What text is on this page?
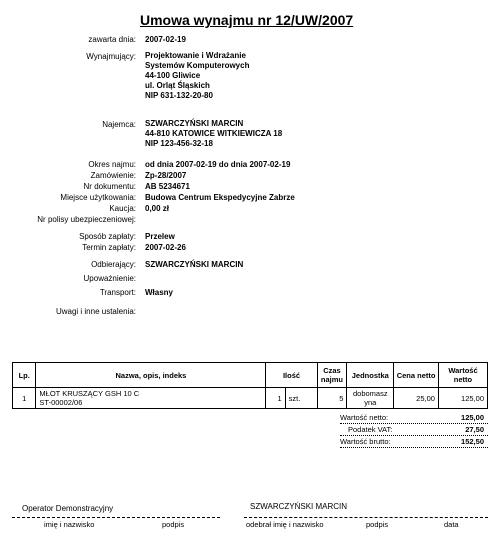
Umowa wynajmu nr 12/UW/2007
zawarta dnia: 2007-02-19
Wynajmujący: Projektowanie i Wdrażanie
Systemów Komputerowych
44-100 Gliwice
ul. Orląt Śląskich
NIP 631-132-20-80
Najemca: SZWARCZYŃSKI MARCIN
44-810 KATOWICE WITKIEWICZA 18
NIP 123-456-32-18
Okres najmu: od dnia 2007-02-19 do dnia 2007-02-19
Zamówienie: Zp-28/2007
Nr dokumentu: AB 5234671
Miejsce użytkowania: Budowa Centrum Ekspedycyjne Zabrze
Kaucja: 0,00 zł
Nr polisy ubezpieczeniowej:
Sposób zapłaty: Przelew
Termin zapłaty: 2007-02-26
Odbierający: SZWARCZYŃSKI MARCIN
Upoważnienie:
Transport: Własny
Uwagi i inne ustalenia:
Lp.	Nazwa, opis, indeks	Ilość		Czas najmu	Jednostka	Cena netto	Wartość netto
1	MŁOT KRUSZĄCY GSH 10 C
ST-00002/06	1	szt.	5	dobomasz yna	25,00	125,00
Wartość netto:	125,00
Podatek VAT:	27,50
Wartość brutto:	152,50
Operator Demonstracyjny
imię i nazwisko	podpis
SZWARCZYŃSKI MARCIN
odebrał imię i nazwisko	podpis	data
